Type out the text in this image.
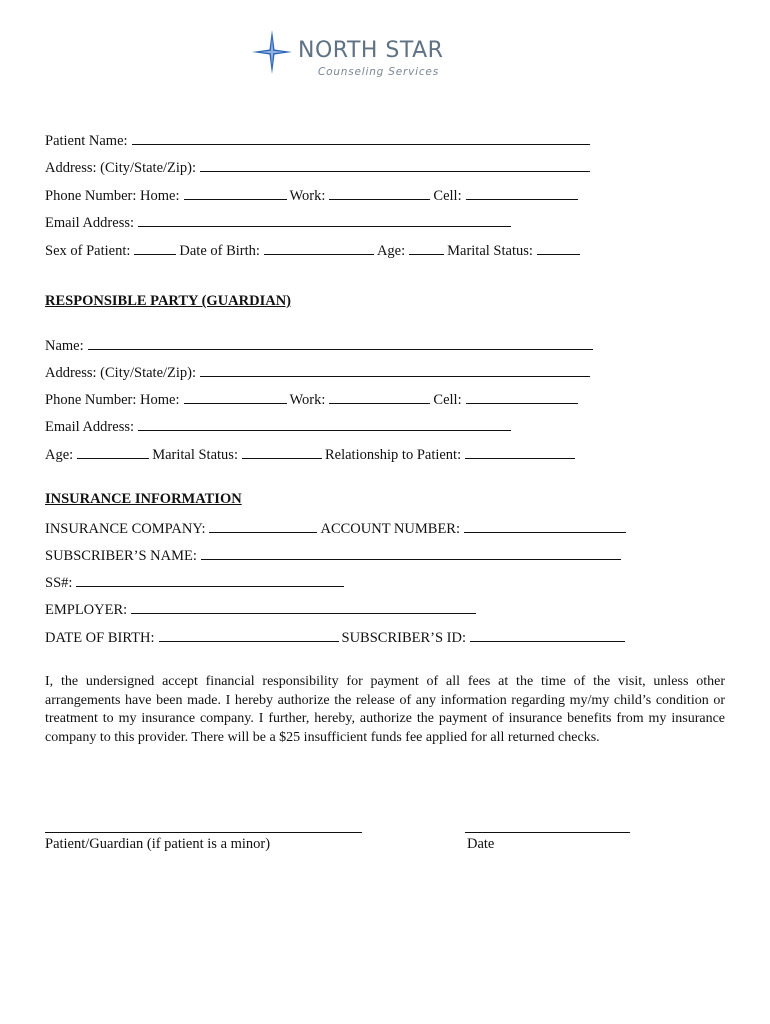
NORTH STAR
Counseling Services
Patient Name:
Address: (City/State/Zip):
Phone Number: Home:	Work:	Cell:
Email Address:
Sex of Patient:	Date of Birth:	Age:	Marital Status:
RESPONSIBLE PARTY (GUARDIAN)
Name:
Address: (City/State/Zip):
Phone Number: Home:	Work:	Cell:
Email Address:
Age:	Marital Status:	Relationship to Patient:
INSURANCE INFORMATION
INSURANCE COMPANY:	ACCOUNT NUMBER:
SUBSCRIBER’S NAME:
SS#:
EMPLOYER:
DATE OF BIRTH:	SUBSCRIBER’S ID:
I, the undersigned accept financial responsibility for payment of all fees at the time of the visit, unless other arrangements have been made. I hereby authorize the release of any information regarding my/my child’s condition or treatment to my insurance company. I further, hereby, authorize the payment of insurance benefits from my insurance company to this provider. There will be a $25 insufficient funds fee applied for all returned checks.
Patient/Guardian (if patient is a minor)	Date
